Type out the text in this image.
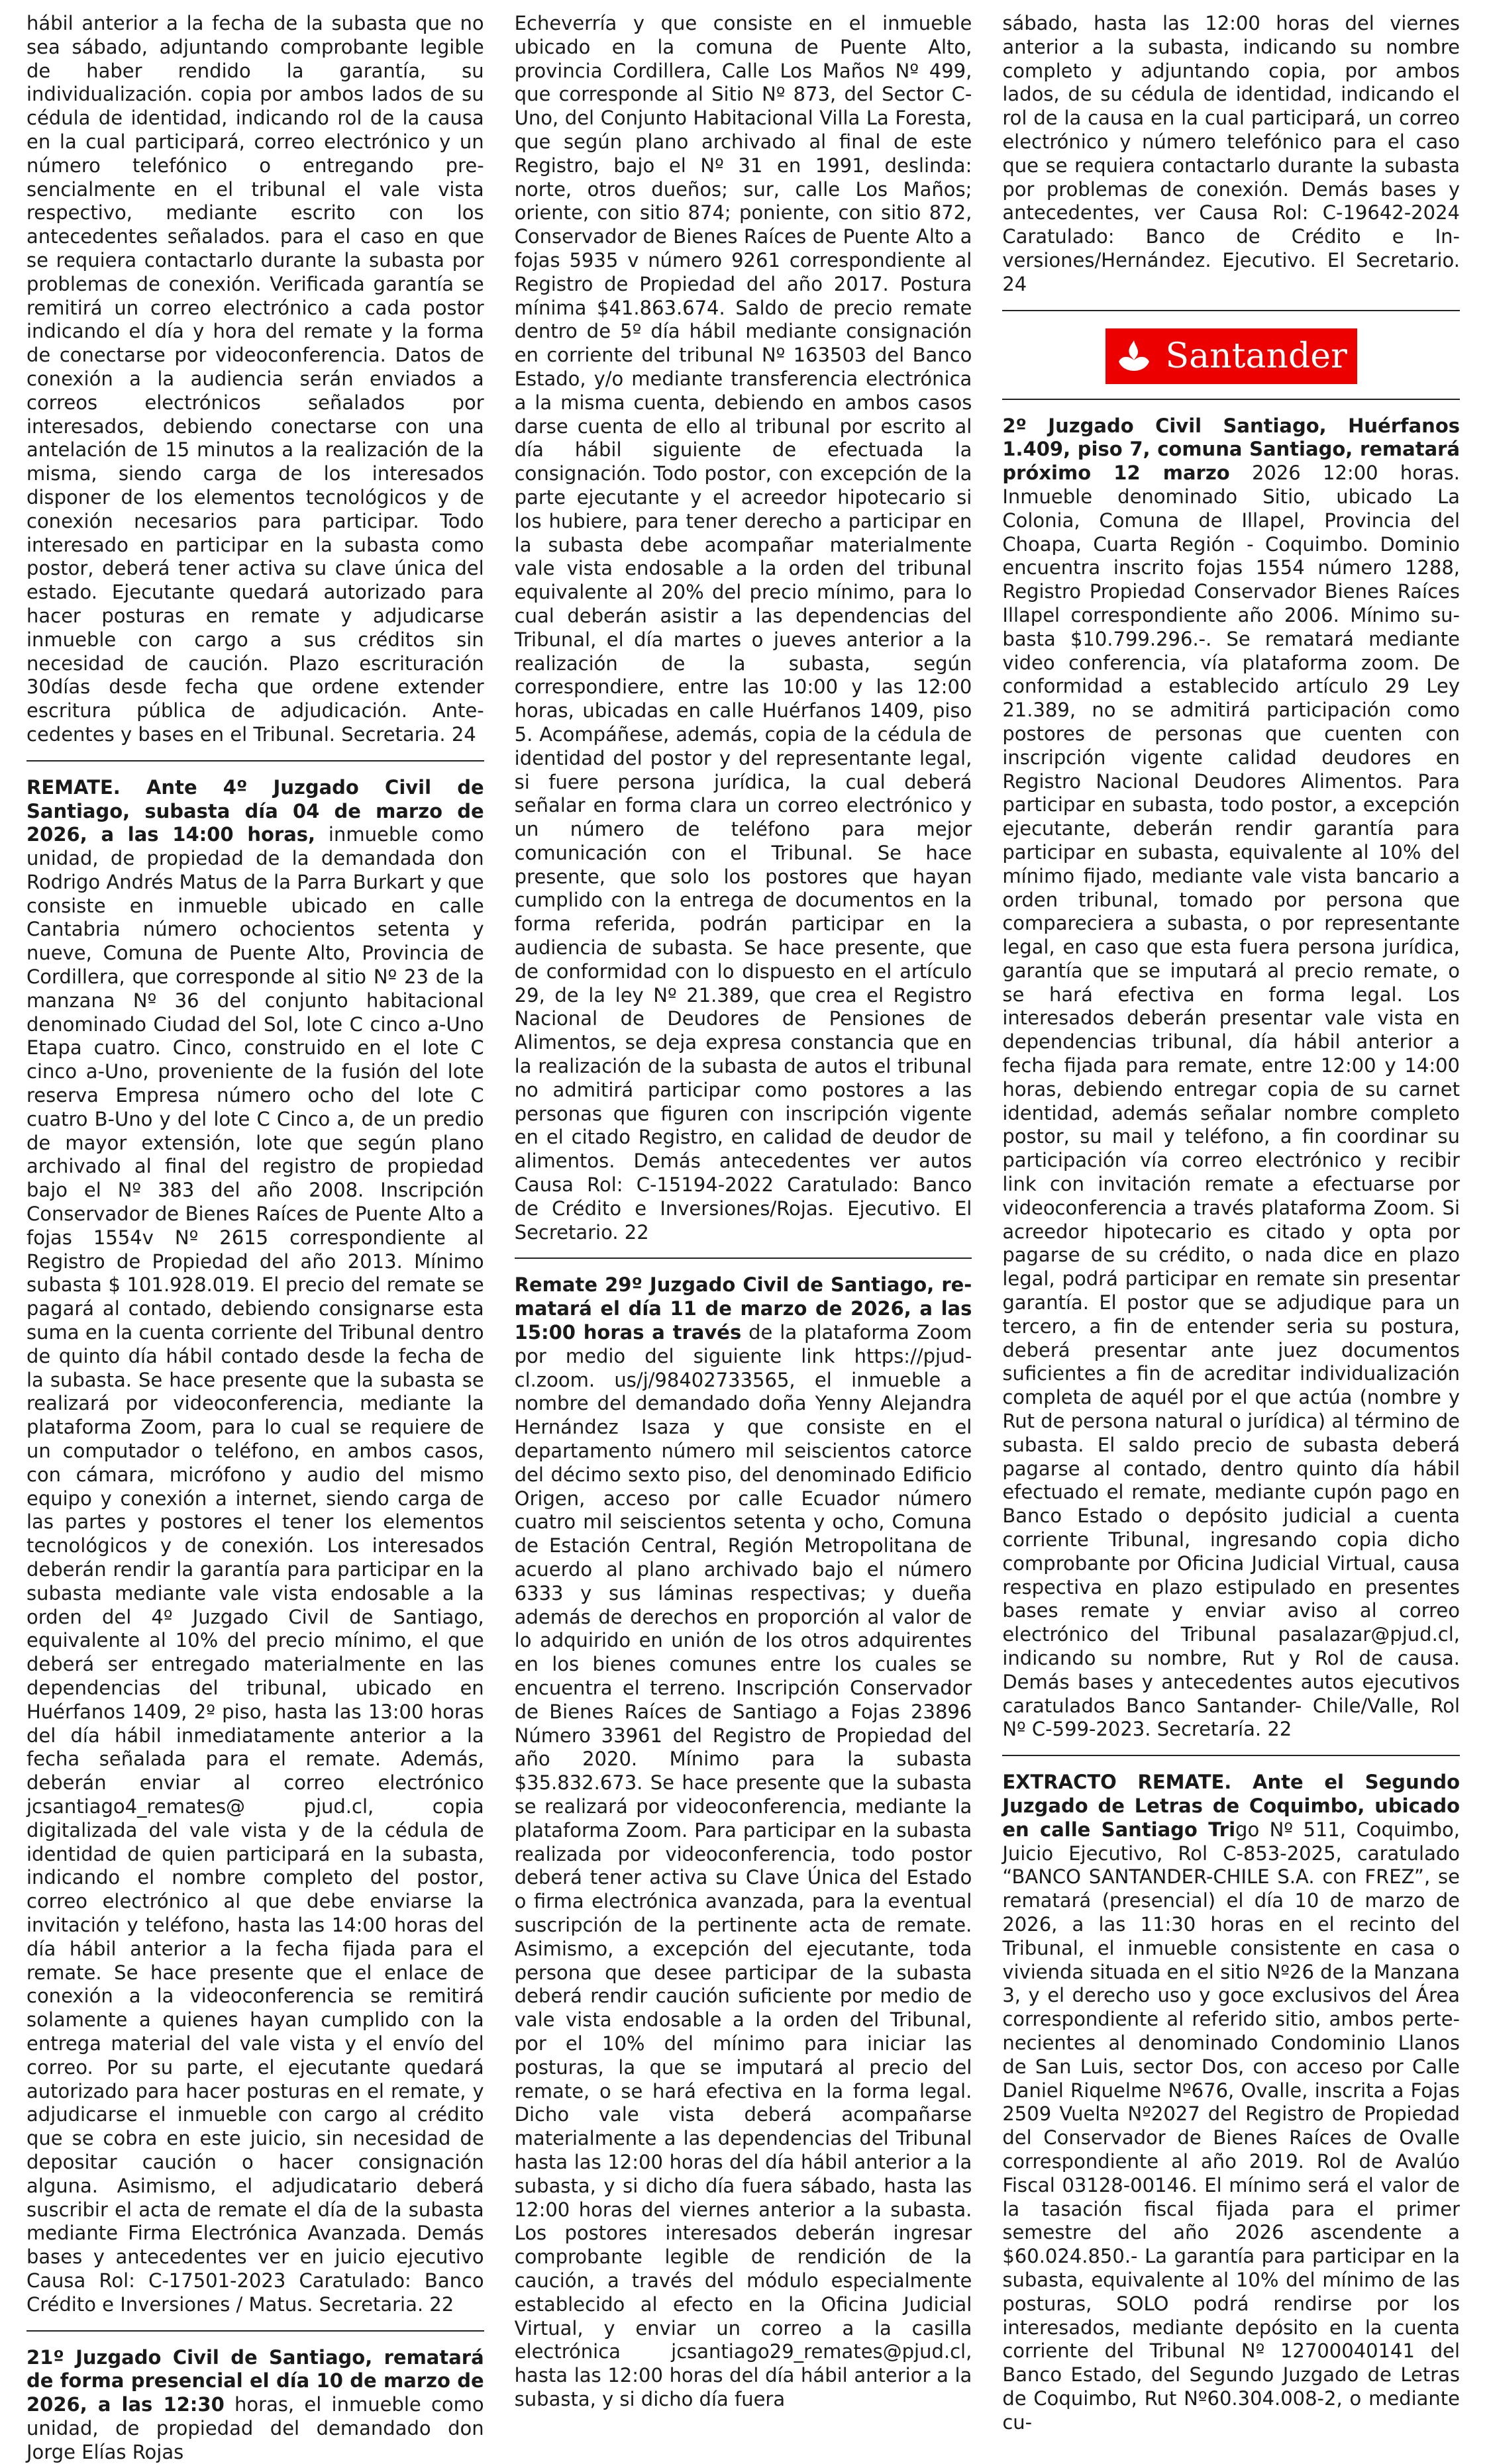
hábil anterior a la fecha de la subasta que no sea sábado, adjuntando comprobante legible de haber rendido la garantía, su individualización. copia por ambos lados de su cédula de identidad, indicando rol de la causa en la cual participará, correo electrónico y un número telefónico o entregando presencialmente en el tribunal el vale vista respectivo, mediante escrito con los antecedentes señalados. para el caso en que se requiera contactarlo durante la subasta por problemas de conexión. Verificada garantía se remitirá un correo electrónico a cada postor indicando el día y hora del remate y la forma de conectarse por videoconferencia. Datos de conexión a la audiencia serán enviados a correos electrónicos señalados por interesados, debiendo conectarse con una antelación de 15 minutos a la realización de la misma, siendo carga de los interesados disponer de los elementos tecnológicos y de conexión necesarios para participar. Todo interesado en participar en la subasta como postor, deberá tener activa su clave única del estado. Ejecutante quedará autorizado para hacer posturas en remate y adjudicarse inmueble con cargo a sus créditos sin necesidad de caución. Plazo escrituración 30días desde fecha que ordene extender escritura pública de adjudicación. Antecedentes y bases en el Tribunal. Secretaria. 24

REMATE. Ante 4º Juzgado Civil de Santiago, subasta día 04 de marzo de 2026, a las 14:00 horas, inmueble como unidad, de propiedad de la demandada don Rodrigo Andrés Matus de la Parra Burkart y que consiste en inmueble ubicado en calle Cantabria número ochocientos setenta y nueve, Comuna de Puente Alto, Provincia de Cordillera, que corresponde al sitio Nº 23 de la manzana Nº 36 del conjunto habitacional denominado Ciudad del Sol, lote C cinco a-Uno Etapa cuatro. Cinco, construido en el lote C cinco a-Uno, proveniente de la fusión del lote reserva Empresa número ocho del lote C cuatro B-Uno y del lote C Cinco a, de un predio de mayor extensión, lote que según plano archivado al final del registro de propiedad bajo el Nº 383 del año 2008. Inscripción Conservador de Bienes Raíces de Puente Alto a fojas 1554v Nº 2615 correspondiente al Registro de Propiedad del año 2013. Mínimo subasta $ 101.928.019. El precio del remate se pagará al contado, debiendo consignarse esta suma en la cuenta corriente del Tribunal dentro de quinto día hábil contado desde la fecha de la subasta. Se hace presente que la subasta se realizará por videoconferencia, mediante la plataforma Zoom, para lo cual se requiere de un computador o teléfono, en ambos casos, con cámara, micrófono y audio del mismo equipo y conexión a internet, siendo carga de las partes y postores el tener los elementos tecnológicos y de conexión. Los interesados deberán rendir la garantía para participar en la subasta mediante vale vista endosable a la orden del 4º Juzgado Civil de Santiago, equivalente al 10% del precio mínimo, el que deberá ser entregado materialmente en las dependencias del tribunal, ubicado en Huérfanos 1409, 2º piso, hasta las 13:00 horas del día hábil inmediatamente anterior a la fecha señalada para el remate. Además, deberán enviar al correo electrónico jcsantiago4_remates@ pjud.cl, copia digitalizada del vale vista y de la cédula de identidad de quien participará en la subasta, indicando el nombre completo del postor, correo electrónico al que debe enviarse la invitación y teléfono, hasta las 14:00 horas del día hábil anterior a la fecha fijada para el remate. Se hace presente que el enlace de conexión a la videoconferencia se remitirá solamente a quienes hayan cumplido con la entrega material del vale vista y el envío del correo. Por su parte, el ejecutante quedará autorizado para hacer posturas en el remate, y adjudicarse el inmueble con cargo al crédito que se cobra en este juicio, sin necesidad de depositar caución o hacer consignación alguna. Asimismo, el adjudicatario deberá suscribir el acta de remate el día de la subasta mediante Firma Electrónica Avanzada. Demás bases y antecedentes ver en juicio ejecutivo Causa Rol: C-17501-2023 Caratulado: Banco Crédito e Inversiones / Matus. Secretaria. 22

21º Juzgado Civil de Santiago, rematará de forma presencial el día 10 de marzo de 2026, a las 12:30 horas, el inmueble como unidad, de propiedad del demandado don Jorge Elías Rojas

Echeverría y que consiste en el inmueble ubicado en la comuna de Puente Alto, provincia Cordillera, Calle Los Maños Nº 499, que corresponde al Sitio Nº 873, del Sector C-Uno, del Conjunto Habitacional Villa La Foresta, que según plano archivado al final de este Registro, bajo el Nº 31 en 1991, deslinda: norte, otros dueños; sur, calle Los Maños; oriente, con sitio 874; poniente, con sitio 872, Conservador de Bienes Raíces de Puente Alto a fojas 5935 v número 9261 correspondiente al Registro de Propiedad del año 2017. Postura mínima $41.863.674. Saldo de precio remate dentro de 5º día hábil mediante consignación en corriente del tribunal Nº 163503 del Banco Estado, y/o mediante transferencia electrónica a la misma cuenta, debiendo en ambos casos darse cuenta de ello al tribunal por escrito al día hábil siguiente de efectuada la consignación. Todo postor, con excepción de la parte ejecutante y el acreedor hipotecario si los hubiere, para tener derecho a participar en la subasta debe acompañar materialmente vale vista endosable a la orden del tribunal equivalente al 20% del precio mínimo, para lo cual deberán asistir a las dependencias del Tribunal, el día martes o jueves anterior a la realización de la subasta, según correspondiere, entre las 10:00 y las 12:00 horas, ubicadas en calle Huérfanos 1409, piso 5. Acompáñese, además, copia de la cédula de identidad del postor y del representante legal, si fuere persona jurídica, la cual deberá señalar en forma clara un correo electrónico y un número de teléfono para mejor comunicación con el Tribunal. Se hace presente, que solo los postores que hayan cumplido con la entrega de documentos en la forma referida, podrán participar en la audiencia de subasta. Se hace presente, que de conformidad con lo dispuesto en el artículo 29, de la ley Nº 21.389, que crea el Registro Nacional de Deudores de Pensiones de Alimentos, se deja expresa constancia que en la realización de la subasta de autos el tribunal no admitirá participar como postores a las personas que figuren con inscripción vigente en el citado Registro, en calidad de deudor de alimentos. Demás antecedentes ver autos Causa Rol: C-15194-2022 Caratulado: Banco de Crédito e Inversiones/Rojas. Ejecutivo. El Secretario. 22

Remate 29º Juzgado Civil de Santiago, rematará el día 11 de marzo de 2026, a las 15:00 horas a través de la plataforma Zoom por medio del siguiente link https://pjud-cl.zoom. us/j/98402733565, el inmueble a nombre del demandado doña Yenny Alejandra Hernández Isaza y que consiste en el departamento número mil seiscientos catorce del décimo sexto piso, del denominado Edificio Origen, acceso por calle Ecuador número cuatro mil seiscientos setenta y ocho, Comuna de Estación Central, Región Metropolitana de acuerdo al plano archivado bajo el número 6333 y sus láminas respectivas; y dueña además de derechos en proporción al valor de lo adquirido en unión de los otros adquirentes en los bienes comunes entre los cuales se encuentra el terreno. Inscripción Conservador de Bienes Raíces de Santiago a Fojas 23896 Número 33961 del Registro de Propiedad del año 2020. Mínimo para la subasta $35.832.673. Se hace presente que la subasta se realizará por videoconferencia, mediante la plataforma Zoom. Para participar en la subasta realizada por videoconferencia, todo postor deberá tener activa su Clave Única del Estado o firma electrónica avanzada, para la eventual suscripción de la pertinente acta de remate. Asimismo, a excepción del ejecutante, toda persona que desee participar de la subasta deberá rendir caución suficiente por medio de vale vista endosable a la orden del Tribunal, por el 10% del mínimo para iniciar las posturas, la que se imputará al precio del remate, o se hará efectiva en la forma legal. Dicho vale vista deberá acompañarse materialmente a las dependencias del Tribunal hasta las 12:00 horas del día hábil anterior a la subasta, y si dicho día fuera sábado, hasta las 12:00 horas del viernes anterior a la subasta. Los postores interesados deberán ingresar comprobante legible de rendición de la caución, a través del módulo especialmente establecido al efecto en la Oficina Judicial Virtual, y enviar un correo a la casilla electrónica jcsantiago29_remates@pjud.cl, hasta las 12:00 horas del día hábil anterior a la subasta, y si dicho día fuera

sábado, hasta las 12:00 horas del viernes anterior a la subasta, indicando su nombre completo y adjuntando copia, por ambos lados, de su cédula de identidad, indicando el rol de la causa en la cual participará, un correo electrónico y número telefónico para el caso que se requiera contactarlo durante la subasta por problemas de conexión. Demás bases y antecedentes, ver Causa Rol: C-19642-2024 Caratulado: Banco de Crédito e Inversiones/Hernández. Ejecutivo. El Secretario. 24

Santander

2º Juzgado Civil Santiago, Huérfanos 1.409, piso 7, comuna Santiago, rematará próximo 12 marzo 2026 12:00 horas. Inmueble denominado Sitio, ubicado La Colonia, Comuna de Illapel, Provincia del Choapa, Cuarta Región - Coquimbo. Dominio encuentra inscrito fojas 1554 número 1288, Registro Propiedad Conservador Bienes Raíces Illapel correspondiente año 2006. Mínimo subasta $10.799.296.-. Se rematará mediante video conferencia, vía plataforma zoom. De conformidad a establecido artículo 29 Ley 21.389, no se admitirá participación como postores de personas que cuenten con inscripción vigente calidad deudores en Registro Nacional Deudores Alimentos. Para participar en subasta, todo postor, a excepción ejecutante, deberán rendir garantía para participar en subasta, equivalente al 10% del mínimo fijado, mediante vale vista bancario a orden tribunal, tomado por persona que compareciera a subasta, o por representante legal, en caso que esta fuera persona jurídica, garantía que se imputará al precio remate, o se hará efectiva en forma legal. Los interesados deberán presentar vale vista en dependencias tribunal, día hábil anterior a fecha fijada para remate, entre 12:00 y 14:00 horas, debiendo entregar copia de su carnet identidad, además señalar nombre completo postor, su mail y teléfono, a fin coordinar su participación vía correo electrónico y recibir link con invitación remate a efectuarse por videoconferencia a través plataforma Zoom. Si acreedor hipotecario es citado y opta por pagarse de su crédito, o nada dice en plazo legal, podrá participar en remate sin presentar garantía. El postor que se adjudique para un tercero, a fin de entender seria su postura, deberá presentar ante juez documentos suficientes a fin de acreditar individualización completa de aquél por el que actúa (nombre y Rut de persona natural o jurídica) al término de subasta. El saldo precio de subasta deberá pagarse al contado, dentro quinto día hábil efectuado el remate, mediante cupón pago en Banco Estado o depósito judicial a cuenta corriente Tribunal, ingresando copia dicho comprobante por Oficina Judicial Virtual, causa respectiva en plazo estipulado en presentes bases remate y enviar aviso al correo electrónico del Tribunal pasalazar@pjud.cl, indicando su nombre, Rut y Rol de causa. Demás bases y antecedentes autos ejecutivos caratulados Banco Santander- Chile/Valle, Rol Nº C-599-2023. Secretaría. 22

EXTRACTO REMATE. Ante el Segundo Juzgado de Letras de Coquimbo, ubicado en calle Santiago Trigo Nº 511, Coquimbo, Juicio Ejecutivo, Rol C-853-2025, caratulado “BANCO SANTANDER-CHILE S.A. con FREZ”, se rematará (presencial) el día 10 de marzo de 2026, a las 11:30 horas en el recinto del Tribunal, el inmueble consistente en casa o vivienda situada en el sitio Nº26 de la Manzana 3, y el derecho uso y goce exclusivos del Área correspondiente al referido sitio, ambos pertenecientes al denominado Condominio Llanos de San Luis, sector Dos, con acceso por Calle Daniel Riquelme Nº676, Ovalle, inscrita a Fojas 2509 Vuelta Nº2027 del Registro de Propiedad del Conservador de Bienes Raíces de Ovalle correspondiente al año 2019. Rol de Avalúo Fiscal 03128-00146. El mínimo será el valor de la tasación fiscal fijada para el primer semestre del año 2026 ascendente a $60.024.850.- La garantía para participar en la subasta, equivalente al 10% del mínimo de las posturas, SOLO podrá rendirse por los interesados, mediante depósito en la cuenta corriente del Tribunal Nº 12700040141 del Banco Estado, del Segundo Juzgado de Letras de Coquimbo, Rut Nº60.304.008-2, o mediante cu-
